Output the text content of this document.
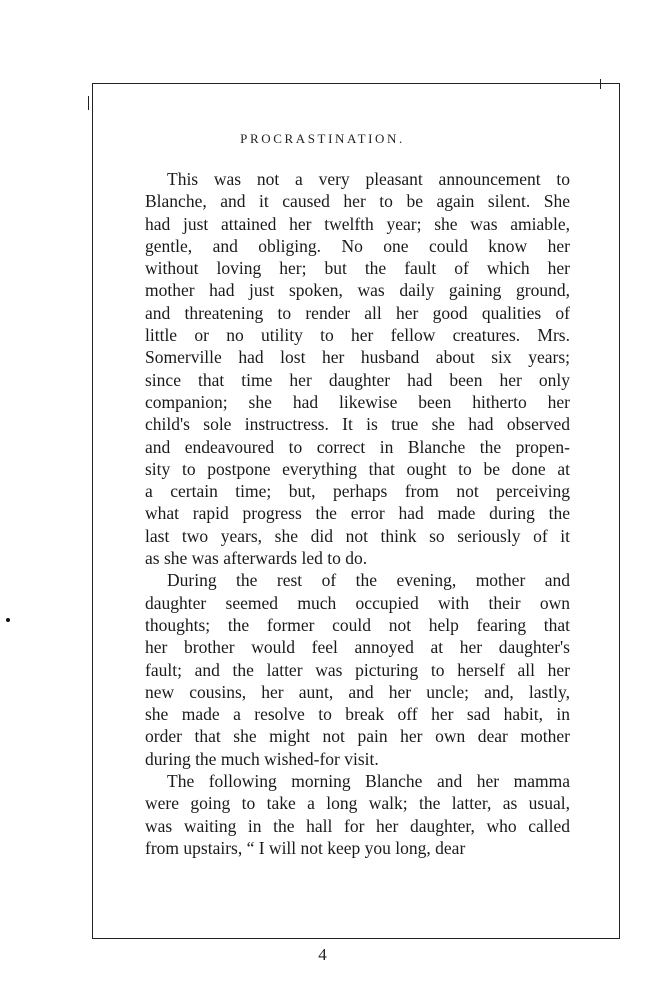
PROCRASTINATION.
This was not a very pleasant announcement to
Blanche, and it caused her to be again silent. She
had just attained her twelfth year; she was amiable,
gentle, and obliging. No one could know her
without loving her; but the fault of which her
mother had just spoken, was daily gaining ground,
and threatening to render all her good qualities of
little or no utility to her fellow creatures. Mrs.
Somerville had lost her husband about six years;
since that time her daughter had been her only
companion; she had likewise been hitherto her
child's sole instructress. It is true she had observed
and endeavoured to correct in Blanche the propen-
sity to postpone everything that ought to be done at
a certain time; but, perhaps from not perceiving
what rapid progress the error had made during the
last two years, she did not think so seriously of it
as she was afterwards led to do.
During the rest of the evening, mother and
daughter seemed much occupied with their own
thoughts; the former could not help fearing that
her brother would feel annoyed at her daughter's
fault; and the latter was picturing to herself all her
new cousins, her aunt, and her uncle; and, lastly,
she made a resolve to break off her sad habit, in
order that she might not pain her own dear mother
during the much wished-for visit.
The following morning Blanche and her mamma
were going to take a long walk; the latter, as usual,
was waiting in the hall for her daughter, who called
from upstairs, “ I will not keep you long, dear
4
